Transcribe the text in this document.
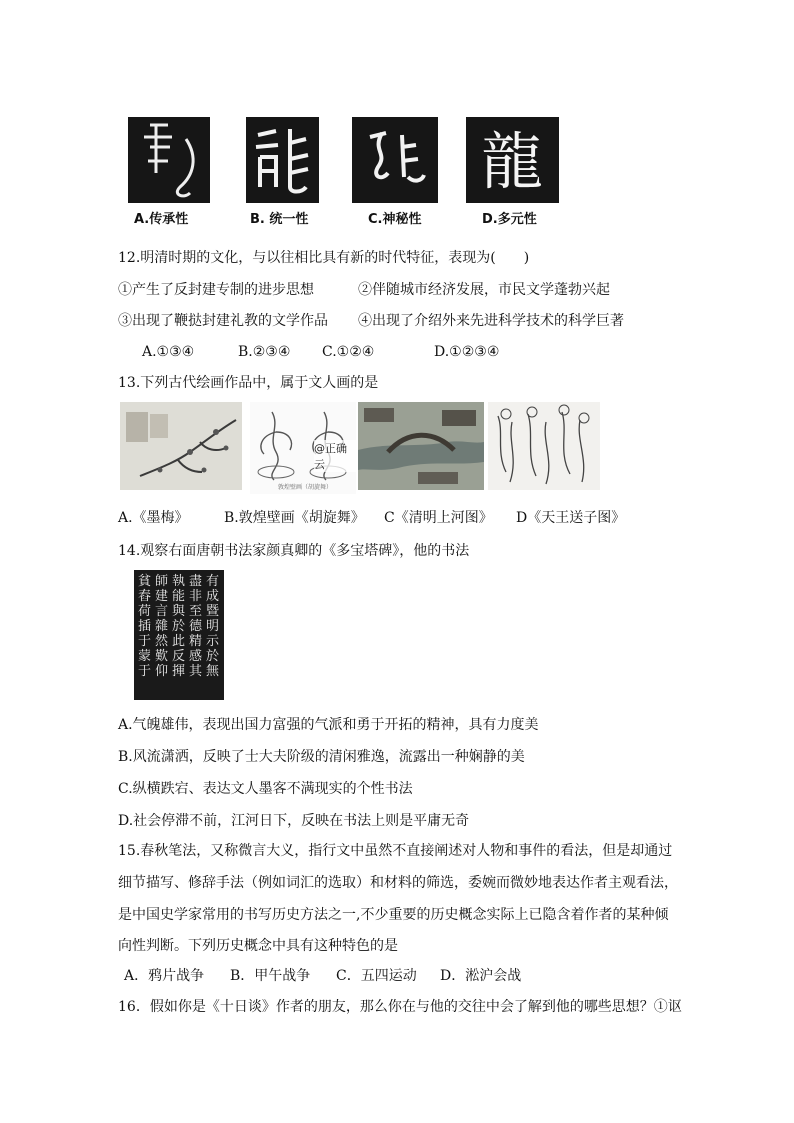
龍
A.传承性	B. 统一性	C.神秘性	D.多元性
12.明清时期的文化，与以往相比具有新的时代特征，表现为(　　)
①产生了反封建专制的进步思想	②伴随城市经济发展，市民文学蓬勃兴起
③出现了鞭挞封建礼教的文学作品 ④出现了介绍外来先进科学技术的科学巨著
A.①③④	B.②③④ C.①②④	D.①②③④
13.下列古代绘画作品中，属于文人画的是
敦煌壁画（胡旋舞）
@正确云
A.《墨梅》	B.敦煌壁画《胡旋舞》 C《清明上河图》 D《天王送子图》
14.观察右面唐朝书法家颜真卿的《多宝塔碑》，他的书法
有成暨明示於無
盡非至德精感其
執能與於此反揮
師建言雜然歎仰
貧舂荷插于蒙于
A.气魄雄伟，表现出国力富强的气派和勇于开拓的精神，具有力度美
B.风流潇洒，反映了士大夫阶级的清闲雅逸，流露出一种娴静的美
C.纵横跌宕、表达文人墨客不满现实的个性书法
D.社会停滞不前，江河日下，反映在书法上则是平庸无奇
15.春秋笔法，又称微言大义，指行文中虽然不直接阐述对人物和事件的看法，但是却通过
细节描写、修辞手法（例如词汇的选取）和材料的筛选，委婉而微妙地表达作者主观看法，
是中国史学家常用的书写历史方法之一,不少重要的历史概念实际上已隐含着作者的某种倾
向性判断。下列历史概念中具有这种特色的是
A．鸦片战争 B．甲午战争 C．五四运动 D．淞沪会战
16．假如你是《十日谈》作者的朋友，那么你在与他的交往中会了解到他的哪些思想？①讴
